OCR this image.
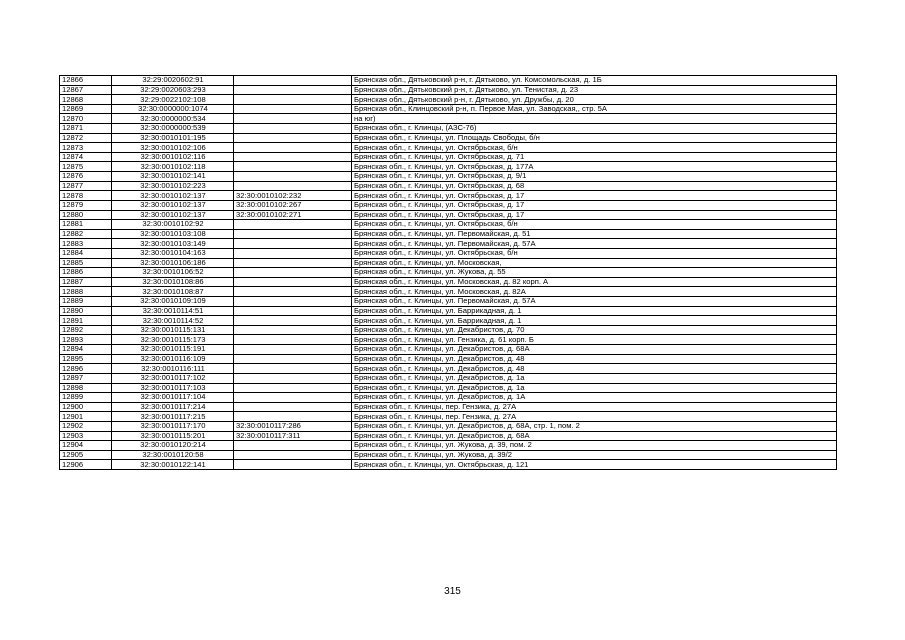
12866	32:29:0020602:91		Брянская обл., Дятьковский р-н, г. Дятьково, ул. Комсомольская, д. 1Б
12867	32:29:0020603:293		Брянская обл., Дятьковский р-н, г. Дятьково, ул. Тенистая, д. 23
12868	32:29:0022102:108		Брянская обл., Дятьковский р-н, г. Дятьково, ул. Дружбы, д. 20
12869	32:30:0000000:1074		Брянская обл., Клинцовский р-н, п. Первое Мая, ул. Заводская,, стр. 5А
12870	32:30:0000000:534		на юг)
12871	32:30:0000000:539		Брянская обл., г. Клинцы, (АЗС-76)
12872	32:30:0010101:195		Брянская обл., г. Клинцы, ул. Площадь Свободы, б/н
12873	32:30:0010102:106		Брянская обл., г. Клинцы, ул. Октябрьская, б/н
12874	32:30:0010102:116		Брянская обл., г. Клинцы, ул. Октябрьская, д. 71
12875	32:30:0010102:118		Брянская обл., г. Клинцы, ул. Октябрьская, д. 177А
12876	32:30:0010102:141		Брянская обл., г. Клинцы, ул. Октябрьская, д. 9/1
12877	32:30:0010102:223		Брянская обл., г. Клинцы, ул. Октябрьская, д. 68
12878	32:30:0010102:137	32:30:0010102:232	Брянская обл., г. Клинцы, ул. Октябрьская, д. 17
12879	32:30:0010102:137	32:30:0010102:267	Брянская обл., г. Клинцы, ул. Октябрьская, д. 17
12880	32:30:0010102:137	32:30:0010102:271	Брянская обл., г. Клинцы, ул. Октябрьская, д. 17
12881	32:30:0010102:92		Брянская обл., г. Клинцы, ул. Октябрьская, б/н
12882	32:30:0010103:108		Брянская обл., г. Клинцы, ул. Первомайская, д. 51
12883	32:30:0010103:149		Брянская обл., г. Клинцы, ул. Первомайская, д. 57А
12884	32:30:0010104:163		Брянская обл., г. Клинцы, ул. Октябрьская, б/н
12885	32:30:0010106:186		Брянская обл., г. Клинцы, ул. Московская,
12886	32:30:0010106:52		Брянская обл., г. Клинцы, ул. Жукова, д. 55
12887	32:30:0010108:86		Брянская обл., г. Клинцы, ул. Московская, д. 82 корп. А
12888	32:30:0010108:87		Брянская обл., г. Клинцы, ул. Московская, д. 82А
12889	32:30:0010109:109		Брянская обл., г. Клинцы, ул. Первомайская, д. 57А
12890	32:30:0010114:51		Брянская обл., г. Клинцы, ул. Баррикадная, д. 1
12891	32:30:0010114:52		Брянская обл., г. Клинцы, ул. Баррикадная, д. 1
12892	32:30:0010115:131		Брянская обл., г. Клинцы, ул. Декабристов, д. 70
12893	32:30:0010115:173		Брянская обл., г. Клинцы, ул. Гензика, д. 61 корп. Б
12894	32:30:0010115:191		Брянская обл., г. Клинцы, ул. Декабристов, д. 68А
12895	32:30:0010116:109		Брянская обл., г. Клинцы, ул. Декабристов, д. 48
12896	32:30:0010116:111		Брянская обл., г. Клинцы, ул. Декабристов, д. 48
12897	32:30:0010117:102		Брянская обл., г. Клинцы, ул. Декабристов, д. 1а
12898	32:30:0010117:103		Брянская обл., г. Клинцы, ул. Декабристов, д. 1а
12899	32:30:0010117:104		Брянская обл., г. Клинцы, ул. Декабристов, д. 1А
12900	32:30:0010117:214		Брянская обл., г. Клинцы, пер. Гензика, д. 27А
12901	32:30:0010117:215		Брянская обл., г. Клинцы, пер. Гензика, д. 27А
12902	32:30:0010117:170	32:30:0010117:286	Брянская обл., г. Клинцы, ул. Декабристов, д. 68А, стр. 1, пом. 2
12903	32:30:0010115:201	32:30:0010117:311	Брянская обл., г. Клинцы, ул. Декабристов, д. 68А
12904	32:30:0010120:214		Брянская обл., г. Клинцы, ул. Жукова, д. 39, пом. 2
12905	32:30:0010120:58		Брянская обл., г. Клинцы, ул. Жукова, д. 39/2
12906	32:30:0010122:141		Брянская обл., г. Клинцы, ул. Октябрьская, д. 121
315
